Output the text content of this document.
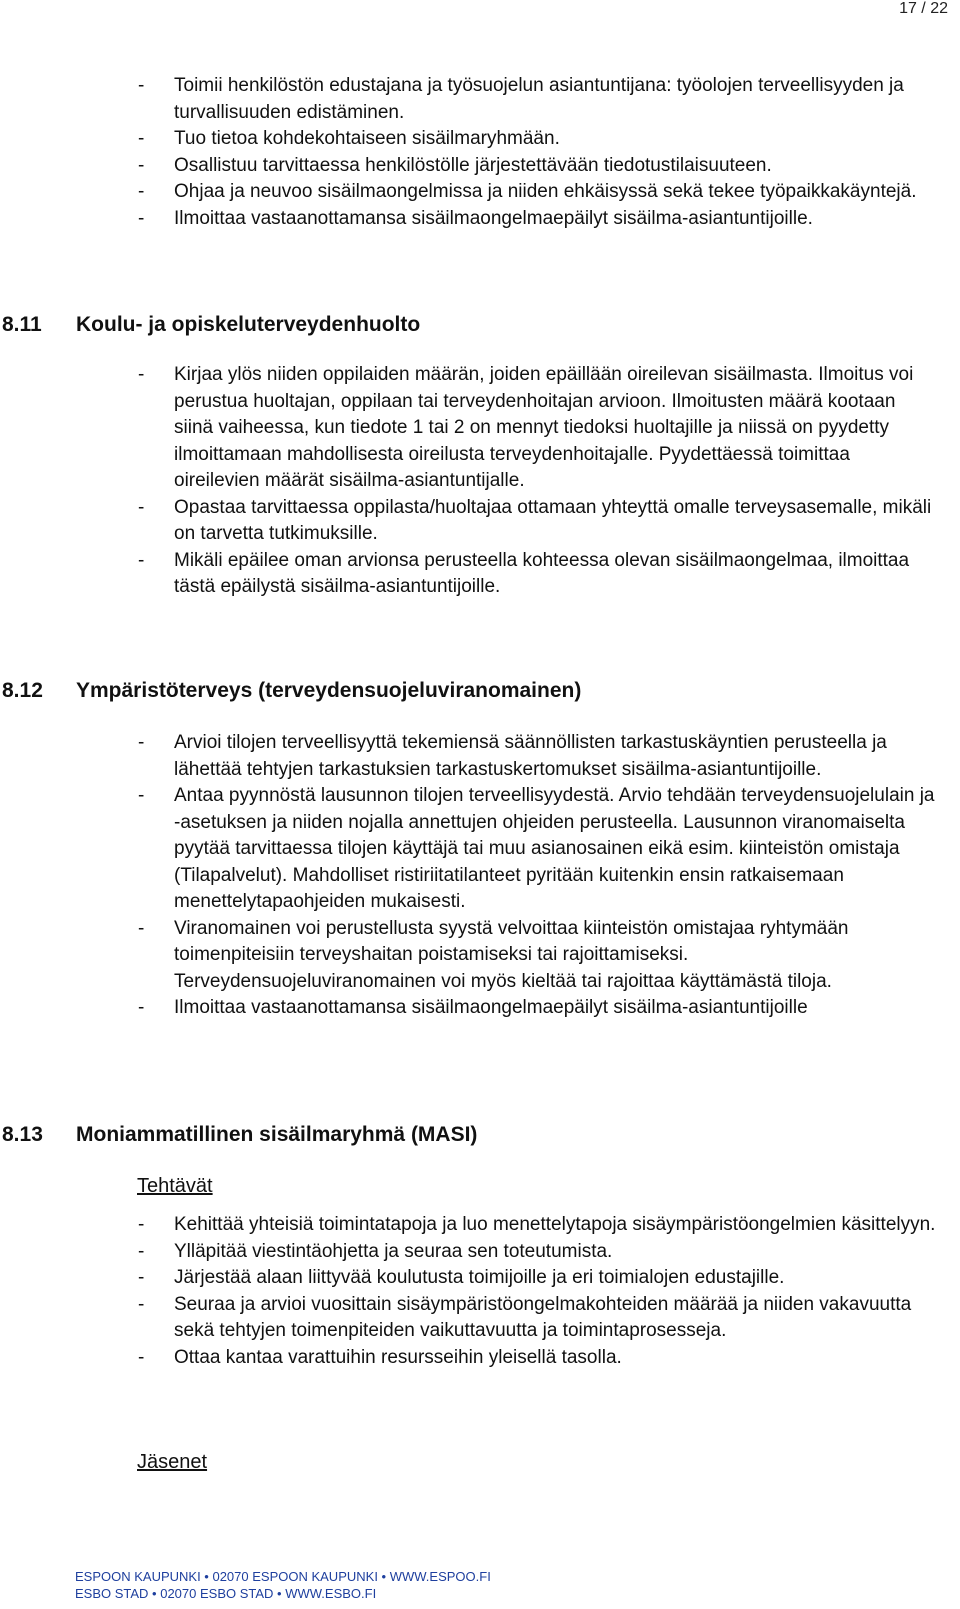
17 / 22
- Toimii henkilöstön edustajana ja työsuojelun asiantuntijana: työolojen terveellisyyden ja turvallisuuden edistäminen.
- Tuo tietoa kohdekohtaiseen sisäilmaryhmään.
- Osallistuu tarvittaessa henkilöstölle järjestettävään tiedotustilaisuuteen.
- Ohjaa ja neuvoo sisäilmaongelmissa ja niiden ehkäisyssä sekä tekee työpaikkakäyntejä.
- Ilmoittaa vastaanottamansa sisäilmaongelmaepäilyt sisäilma-asiantuntijoille.
8.11 Koulu- ja opiskeluterveydenhuolto
- Kirjaa ylös niiden oppilaiden määrän, joiden epäillään oireilevan sisäilmasta. Ilmoitus voi perustua huoltajan, oppilaan tai terveydenhoitajan arvioon. Ilmoitusten määrä kootaan siinä vaiheessa, kun tiedote 1 tai 2 on mennyt tiedoksi huoltajille ja niissä on pyydetty ilmoittamaan mahdollisesta oireilusta terveydenhoitajalle. Pyydettäessä toimittaa oireilevien määrät sisäilma-asiantuntijalle.
- Opastaa tarvittaessa oppilasta/huoltajaa ottamaan yhteyttä omalle terveysasemalle, mikäli on tarvetta tutkimuksille.
- Mikäli epäilee oman arvionsa perusteella kohteessa olevan sisäilmaongelmaa, ilmoittaa tästä epäilystä sisäilma-asiantuntijoille.
8.12 Ympäristöterveys (terveydensuojeluviranomainen)
- Arvioi tilojen terveellisyyttä tekemiensä säännöllisten tarkastuskäyntien perusteella ja lähettää tehtyjen tarkastuksien tarkastuskertomukset sisäilma-asiantuntijoille.
- Antaa pyynnöstä lausunnon tilojen terveellisyydestä. Arvio tehdään terveydensuojelulain ja -asetuksen ja niiden nojalla annettujen ohjeiden perusteella. Lausunnon viranomaiselta pyytää tarvittaessa tilojen käyttäjä tai muu asianosainen eikä esim. kiinteistön omistaja (Tilapalvelut). Mahdolliset ristiriitatilanteet pyritään kuitenkin ensin ratkaisemaan menettelytapaohjeiden mukaisesti.
- Viranomainen voi perustellusta syystä velvoittaa kiinteistön omistajaa ryhtymään toimenpiteisiin terveyshaitan poistamiseksi tai rajoittamiseksi. Terveydensuojeluviranomainen voi myös kieltää tai rajoittaa käyttämästä tiloja.
- Ilmoittaa vastaanottamansa sisäilmaongelmaepäilyt sisäilma-asiantuntijoille
8.13 Moniammatillinen sisäilmaryhmä (MASI)
Tehtävät
- Kehittää yhteisiä toimintatapoja ja luo menettelytapoja sisäympäristöongelmien käsittelyyn.
- Ylläpitää viestintäohjetta ja seuraa sen toteutumista.
- Järjestää alaan liittyvää koulutusta toimijoille ja eri toimialojen edustajille.
- Seuraa ja arvioi vuosittain sisäympäristöongelmakohteiden määrää ja niiden vakavuutta sekä tehtyjen toimenpiteiden vaikuttavuutta ja toimintaprosesseja.
- Ottaa kantaa varattuihin resursseihin yleisellä tasolla.
Jäsenet
ESPOON KAUPUNKI • 02070 ESPOON KAUPUNKI • WWW.ESPOO.FI
ESBO STAD • 02070 ESBO STAD • WWW.ESBO.FI
